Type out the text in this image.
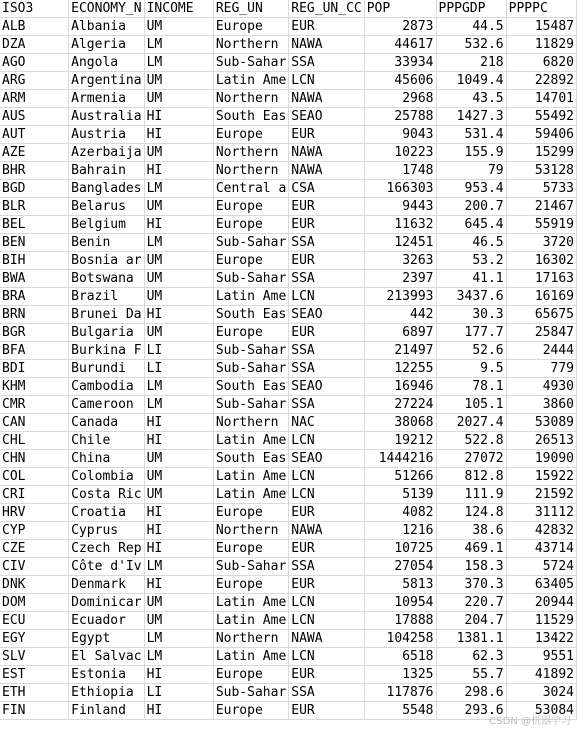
ISO3	ECONOMY_N	INCOME	REG_UN	REG_UN_CC	POP	PPPGDP	PPPPC
ALB	Albania	UM	Europe	EUR	2873	44.5	15487
DZA	Algeria	LM	Northern	NAWA	44617	532.6	11829
AGO	Angola	LM	Sub-Sahar	SSA	33934	218	6820
ARG	Argentina	UM	Latin Ame	LCN	45606	1049.4	22892
ARM	Armenia	UM	Northern	NAWA	2968	43.5	14701
AUS	Australia	HI	South Eas	SEAO	25788	1427.3	55492
AUT	Austria	HI	Europe	EUR	9043	531.4	59406
AZE	Azerbaija	UM	Northern	NAWA	10223	155.9	15299
BHR	Bahrain	HI	Northern	NAWA	1748	79	53128
BGD	Banglades	LM	Central a	CSA	166303	953.4	5733
BLR	Belarus	UM	Europe	EUR	9443	200.7	21467
BEL	Belgium	HI	Europe	EUR	11632	645.4	55919
BEN	Benin	LM	Sub-Sahar	SSA	12451	46.5	3720
BIH	Bosnia ar	UM	Europe	EUR	3263	53.2	16302
BWA	Botswana	UM	Sub-Sahar	SSA	2397	41.1	17163
BRA	Brazil	UM	Latin Ame	LCN	213993	3437.6	16169
BRN	Brunei Da	HI	South Eas	SEAO	442	30.3	65675
BGR	Bulgaria	UM	Europe	EUR	6897	177.7	25847
BFA	Burkina F	LI	Sub-Sahar	SSA	21497	52.6	2444
BDI	Burundi	LI	Sub-Sahar	SSA	12255	9.5	779
KHM	Cambodia	LM	South Eas	SEAO	16946	78.1	4930
CMR	Cameroon	LM	Sub-Sahar	SSA	27224	105.1	3860
CAN	Canada	HI	Northern	NAC	38068	2027.4	53089
CHL	Chile	HI	Latin Ame	LCN	19212	522.8	26513
CHN	China	UM	South Eas	SEAO	1444216	27072	19090
COL	Colombia	UM	Latin Ame	LCN	51266	812.8	15922
CRI	Costa Ric	UM	Latin Ame	LCN	5139	111.9	21592
HRV	Croatia	HI	Europe	EUR	4082	124.8	31112
CYP	Cyprus	HI	Northern	NAWA	1216	38.6	42832
CZE	Czech Rep	HI	Europe	EUR	10725	469.1	43714
CIV	Côte d'Iv	LM	Sub-Sahar	SSA	27054	158.3	5724
DNK	Denmark	HI	Europe	EUR	5813	370.3	63405
DOM	Dominicar	UM	Latin Ame	LCN	10954	220.7	20944
ECU	Ecuador	UM	Latin Ame	LCN	17888	204.7	11529
EGY	Egypt	LM	Northern	NAWA	104258	1381.1	13422
SLV	El Salvac	LM	Latin Ame	LCN	6518	62.3	9551
EST	Estonia	HI	Europe	EUR	1325	55.7	41892
ETH	Ethiopia	LI	Sub-Sahar	SSA	117876	298.6	3024
FIN	Finland	HI	Europe	EUR	5548	293.6	53084
CSDN @机器学习
